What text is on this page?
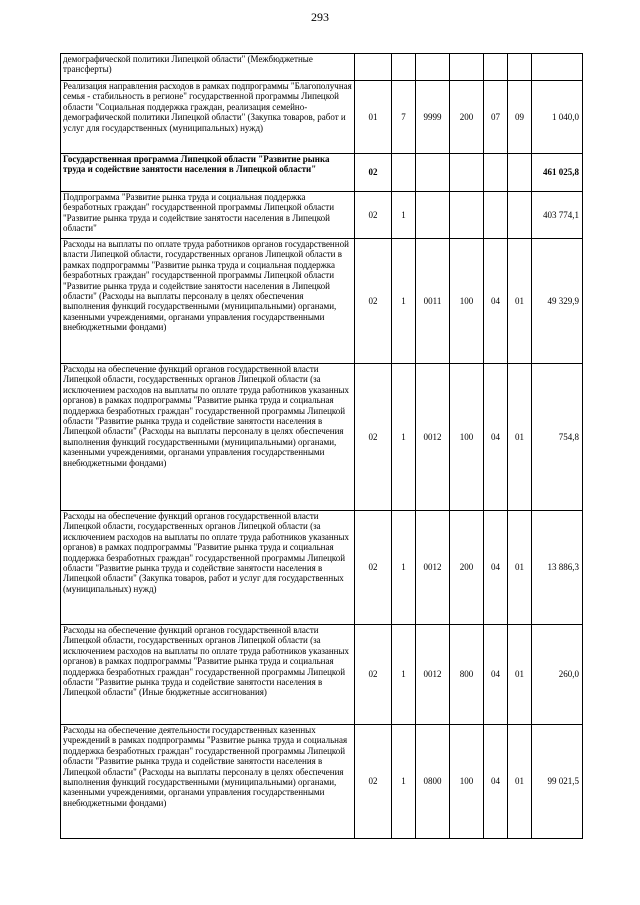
293
демографической политики Липецкой области" (Межбюджетные трансферты)							
Реализация направления расходов в рамках подпрограммы "Благополучная семья - стабильность в регионе" государственной программы Липецкой области "Социальная поддержка граждан, реализация семейно-демографической политики Липецкой области" (Закупка товаров, работ и услуг для государственных (муниципальных) нужд)	01	7	9999	200	07	09	1 040,0
Государственная программа Липецкой области "Развитие рынка труда и содействие занятости населения в Липецкой области"	02						461 025,8
Подпрограмма "Развитие рынка труда и социальная поддержка безработных граждан" государственной программы Липецкой области "Развитие рынка труда и содействие занятости населения в Липецкой области"	02	1					403 774,1
Расходы на выплаты по оплате труда работников органов государственной власти Липецкой области, государственных органов Липецкой области в рамках подпрограммы "Развитие рынка труда и социальная поддержка безработных граждан" государственной программы Липецкой области "Развитие рынка труда и содействие занятости населения в Липецкой области" (Расходы на выплаты персоналу в целях обеспечения выполнения функций государственными (муниципальными) органами, казенными учреждениями, органами управления государственными внебюджетными фондами)	02	1	0011	100	04	01	49 329,9
Расходы на обеспечение функций органов государственной власти Липецкой области, государственных органов Липецкой области (за исключением расходов на выплаты по оплате труда работников указанных органов) в рамках подпрограммы "Развитие рынка труда и социальная поддержка безработных граждан" государственной программы Липецкой области "Развитие рынка труда и содействие занятости населения в Липецкой области" (Расходы на выплаты персоналу в целях обеспечения выполнения функций государственными (муниципальными) органами, казенными учреждениями, органами управления государственными внебюджетными фондами)	02	1	0012	100	04	01	754,8
Расходы на обеспечение функций органов государственной власти Липецкой области, государственных органов Липецкой области (за исключением расходов на выплаты по оплате труда работников указанных органов) в рамках подпрограммы "Развитие рынка труда и социальная поддержка безработных граждан" государственной программы Липецкой области "Развитие рынка труда и содействие занятости населения в Липецкой области" (Закупка товаров, работ и услуг для государственных (муниципальных) нужд)	02	1	0012	200	04	01	13 886,3
Расходы на обеспечение функций органов государственной власти Липецкой области, государственных органов Липецкой области (за исключением расходов на выплаты по оплате труда работников указанных органов) в рамках подпрограммы "Развитие рынка труда и социальная поддержка безработных граждан" государственной программы Липецкой области "Развитие рынка труда и содействие занятости населения в Липецкой области" (Иные бюджетные ассигнования)	02	1	0012	800	04	01	260,0
Расходы на обеспечение деятельности государственных казенных учреждений в рамках подпрограммы "Развитие рынка труда и социальная поддержка безработных граждан" государственной программы Липецкой области "Развитие рынка труда и содействие занятости населения в Липецкой области" (Расходы на выплаты персоналу в целях обеспечения выполнения функций государственными (муниципальными) органами, казенными учреждениями, органами управления государственными внебюджетными фондами)	02	1	0800	100	04	01	99 021,5
